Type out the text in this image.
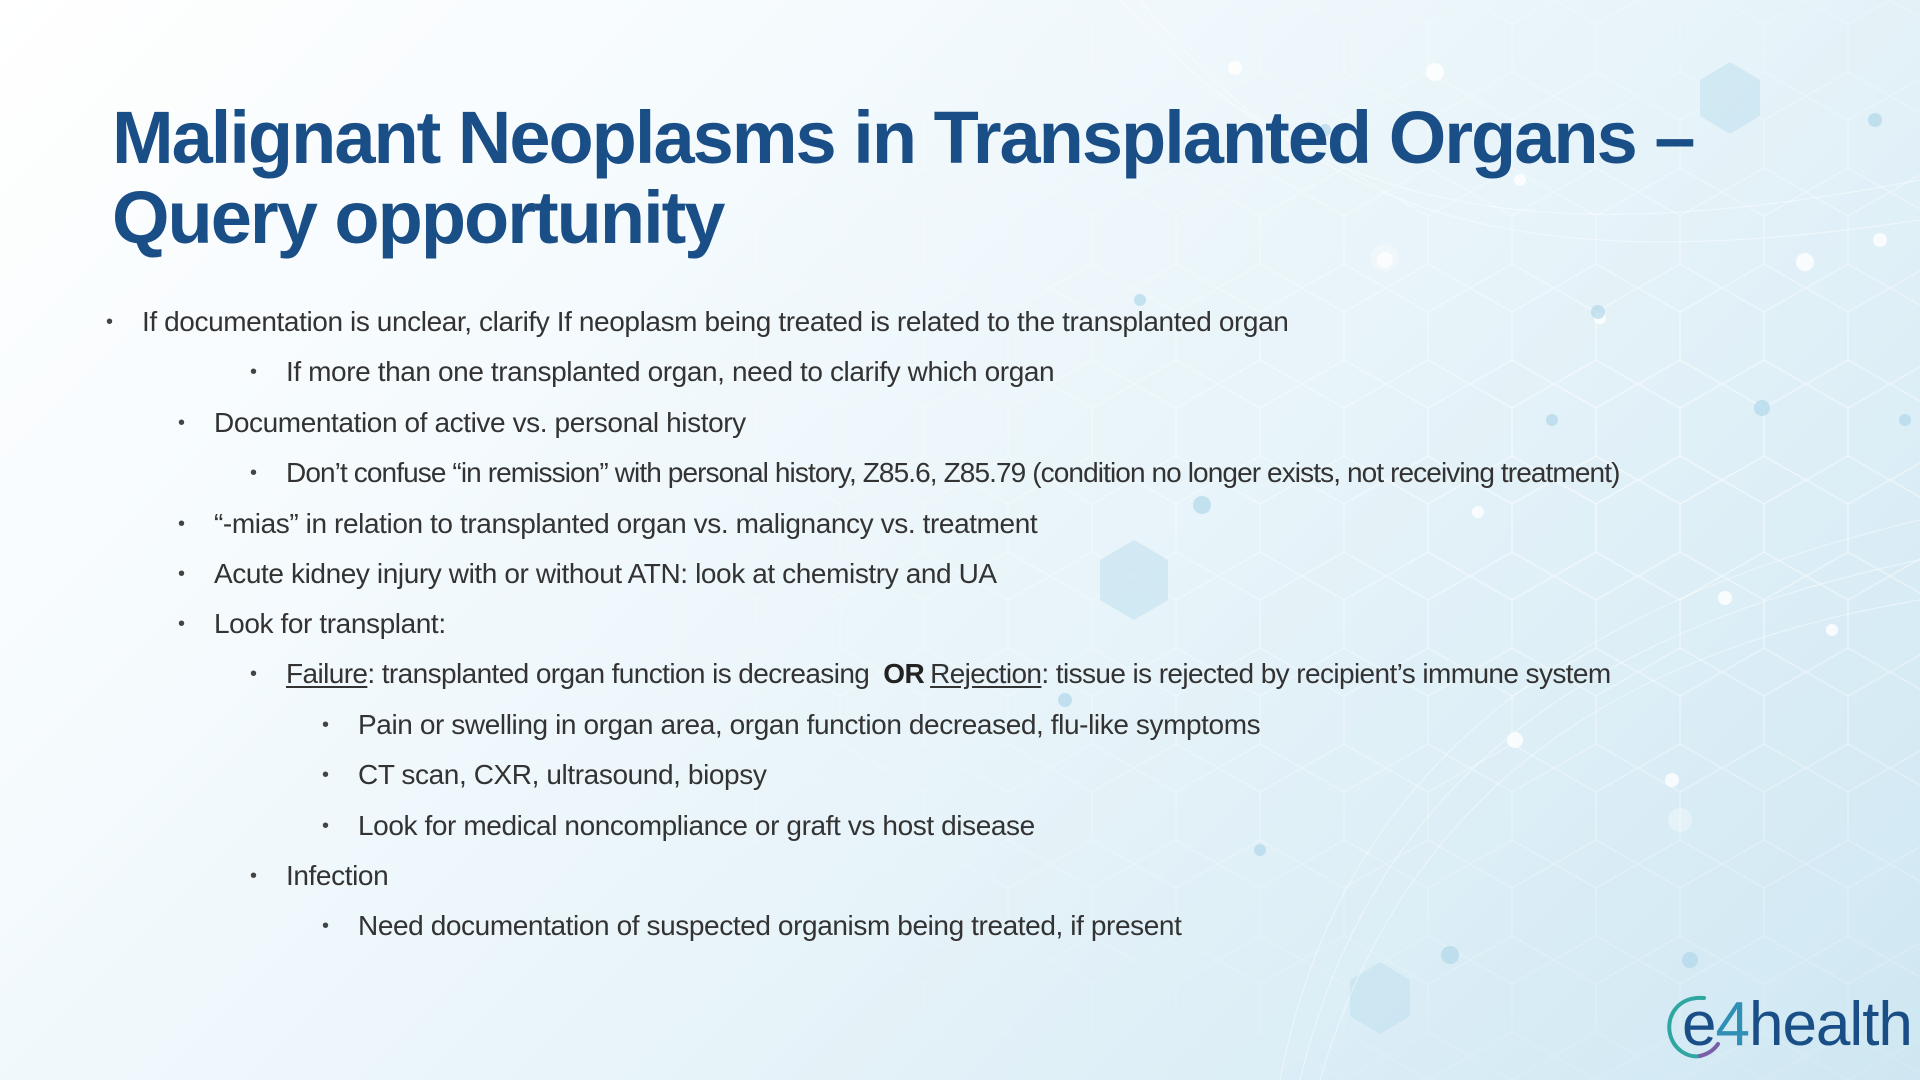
Malignant Neoplasms in Transplanted Organs –
Query opportunity
• If documentation is unclear, clarify If neoplasm being treated is related to the transplanted organ
• If more than one transplanted organ, need to clarify which organ
• Documentation of active vs. personal history
• Don’t confuse “in remission” with personal history, Z85.6, Z85.79 (condition no longer exists, not receiving treatment)
• “-mias” in relation to transplanted organ vs. malignancy vs. treatment
• Acute kidney injury with or without ATN: look at chemistry and UA
• Look for transplant:
• Failure: transplanted organ function is decreasing OR Rejection: tissue is rejected by recipient’s immune system
• Pain or swelling in organ area, organ function decreased, flu-like symptoms
• CT scan, CXR, ultrasound, biopsy
• Look for medical noncompliance or graft vs host disease
• Infection
• Need documentation of suspected organism being treated, if present
e4health
